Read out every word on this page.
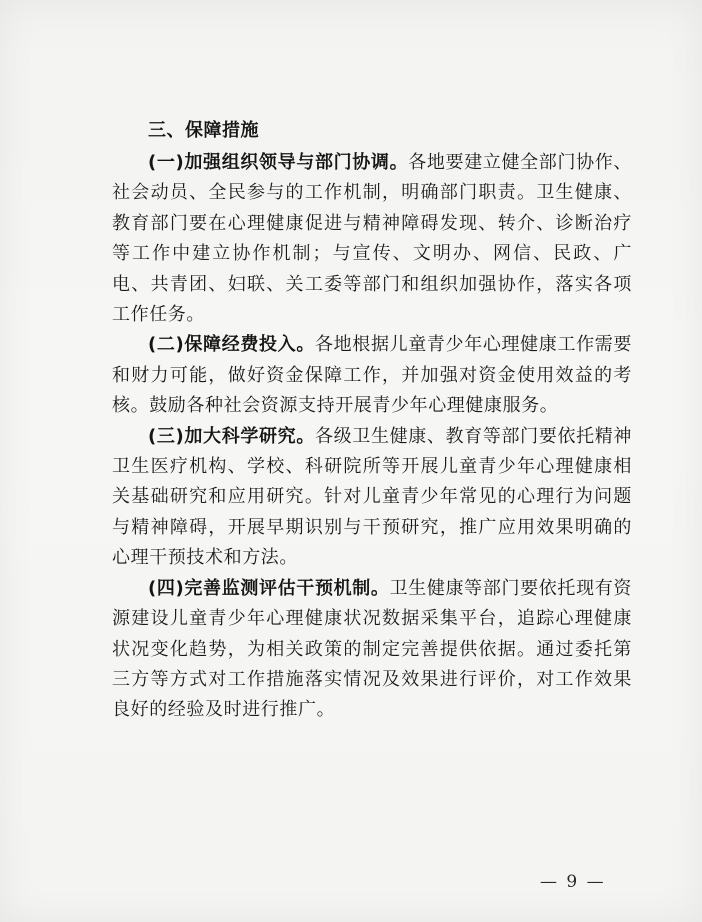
三、保障措施

(一)加强组织领导与部门协调。各地要建立健全部门协作、社会动员、全民参与的工作机制，明确部门职责。卫生健康、教育部门要在心理健康促进与精神障碍发现、转介、诊断治疗等工作中建立协作机制；与宣传、文明办、网信、民政、广电、共青团、妇联、关工委等部门和组织加强协作，落实各项工作任务。

(二)保障经费投入。各地根据儿童青少年心理健康工作需要和财力可能，做好资金保障工作，并加强对资金使用效益的考核。鼓励各种社会资源支持开展青少年心理健康服务。

(三)加大科学研究。各级卫生健康、教育等部门要依托精神卫生医疗机构、学校、科研院所等开展儿童青少年心理健康相关基础研究和应用研究。针对儿童青少年常见的心理行为问题与精神障碍，开展早期识别与干预研究，推广应用效果明确的心理干预技术和方法。

(四)完善监测评估干预机制。卫生健康等部门要依托现有资源建设儿童青少年心理健康状况数据采集平台，追踪心理健康状况变化趋势，为相关政策的制定完善提供依据。通过委托第三方等方式对工作措施落实情况及效果进行评价，对工作效果良好的经验及时进行推广。

— 9 —
